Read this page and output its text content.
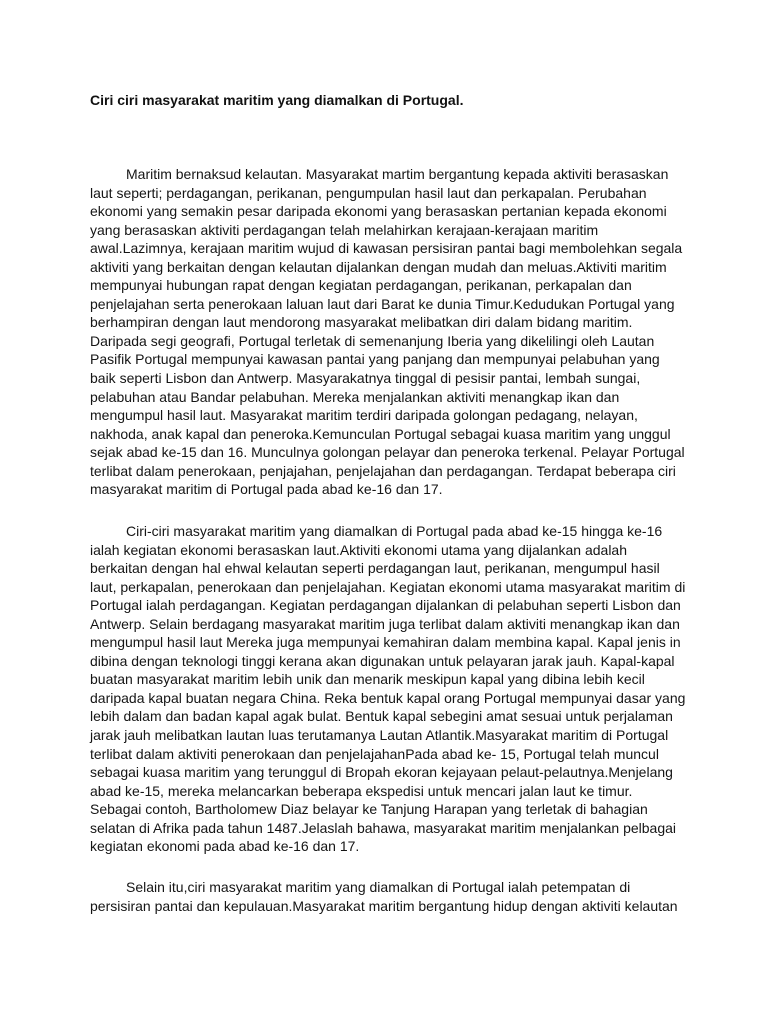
Ciri ciri masyarakat maritim yang diamalkan di Portugal.
Maritim bernaksud kelautan. Masyarakat martim bergantung kepada aktiviti berasaskan
laut seperti; perdagangan, perikanan, pengumpulan hasil laut dan perkapalan. Perubahan
ekonomi yang semakin pesar daripada ekonomi yang berasaskan pertanian kepada ekonomi
yang berasaskan aktiviti perdagangan telah melahirkan kerajaan-kerajaan maritim
awal.Lazimnya, kerajaan maritim wujud di kawasan persisiran pantai bagi membolehkan segala
aktiviti yang berkaitan dengan kelautan dijalankan dengan mudah dan meluas.Aktiviti maritim
mempunyai hubungan rapat dengan kegiatan perdagangan, perikanan, perkapalan dan
penjelajahan serta penerokaan laluan laut dari Barat ke dunia Timur.Kedudukan Portugal yang
berhampiran dengan laut mendorong masyarakat melibatkan diri dalam bidang maritim.
Daripada segi geografi, Portugal terletak di semenanjung Iberia yang dikelilingi oleh Lautan
Pasifik Portugal mempunyai kawasan pantai yang panjang dan mempunyai pelabuhan yang
baik seperti Lisbon dan Antwerp. Masyarakatnya tinggal di pesisir pantai, lembah sungai,
pelabuhan atau Bandar pelabuhan. Mereka menjalankan aktiviti menangkap ikan dan
mengumpul hasil laut. Masyarakat maritim terdiri daripada golongan pedagang, nelayan,
nakhoda, anak kapal dan peneroka.Kemunculan Portugal sebagai kuasa maritim yang unggul
sejak abad ke-15 dan 16. Munculnya golongan pelayar dan peneroka terkenal. Pelayar Portugal
terlibat dalam penerokaan, penjajahan, penjelajahan dan perdagangan. Terdapat beberapa ciri
masyarakat maritim di Portugal pada abad ke-16 dan 17.
Ciri-ciri masyarakat maritim yang diamalkan di Portugal pada abad ke-15 hingga ke-16
ialah kegiatan ekonomi berasaskan laut.Aktiviti ekonomi utama yang dijalankan adalah
berkaitan dengan hal ehwal kelautan seperti perdagangan laut, perikanan, mengumpul hasil
laut, perkapalan, penerokaan dan penjelajahan. Kegiatan ekonomi utama masyarakat maritim di
Portugal ialah perdagangan. Kegiatan perdagangan dijalankan di pelabuhan seperti Lisbon dan
Antwerp. Selain berdagang masyarakat maritim juga terlibat dalam aktiviti menangkap ikan dan
mengumpul hasil laut Mereka juga mempunyai kemahiran dalam membina kapal. Kapal jenis in
dibina dengan teknologi tinggi kerana akan digunakan untuk pelayaran jarak jauh. Kapal-kapal
buatan masyarakat maritim lebih unik dan menarik meskipun kapal yang dibina lebih kecil
daripada kapal buatan negara China. Reka bentuk kapal orang Portugal mempunyai dasar yang
lebih dalam dan badan kapal agak bulat. Bentuk kapal sebegini amat sesuai untuk perjalaman
jarak jauh melibatkan lautan luas terutamanya Lautan Atlantik.Masyarakat maritim di Portugal
terlibat dalam aktiviti penerokaan dan penjelajahanPada abad ke- 15, Portugal telah muncul
sebagai kuasa maritim yang terunggul di Bropah ekoran kejayaan pelaut-pelautnya.Menjelang
abad ke-15, mereka melancarkan beberapa ekspedisi untuk mencari jalan laut ke timur.
Sebagai contoh, Bartholomew Diaz belayar ke Tanjung Harapan yang terletak di bahagian
selatan di Afrika pada tahun 1487.Jelaslah bahawa, masyarakat maritim menjalankan pelbagai
kegiatan ekonomi pada abad ke-16 dan 17.
Selain itu,ciri masyarakat maritim yang diamalkan di Portugal ialah petempatan di
persisiran pantai dan kepulauan.Masyarakat maritim bergantung hidup dengan aktiviti kelautan
